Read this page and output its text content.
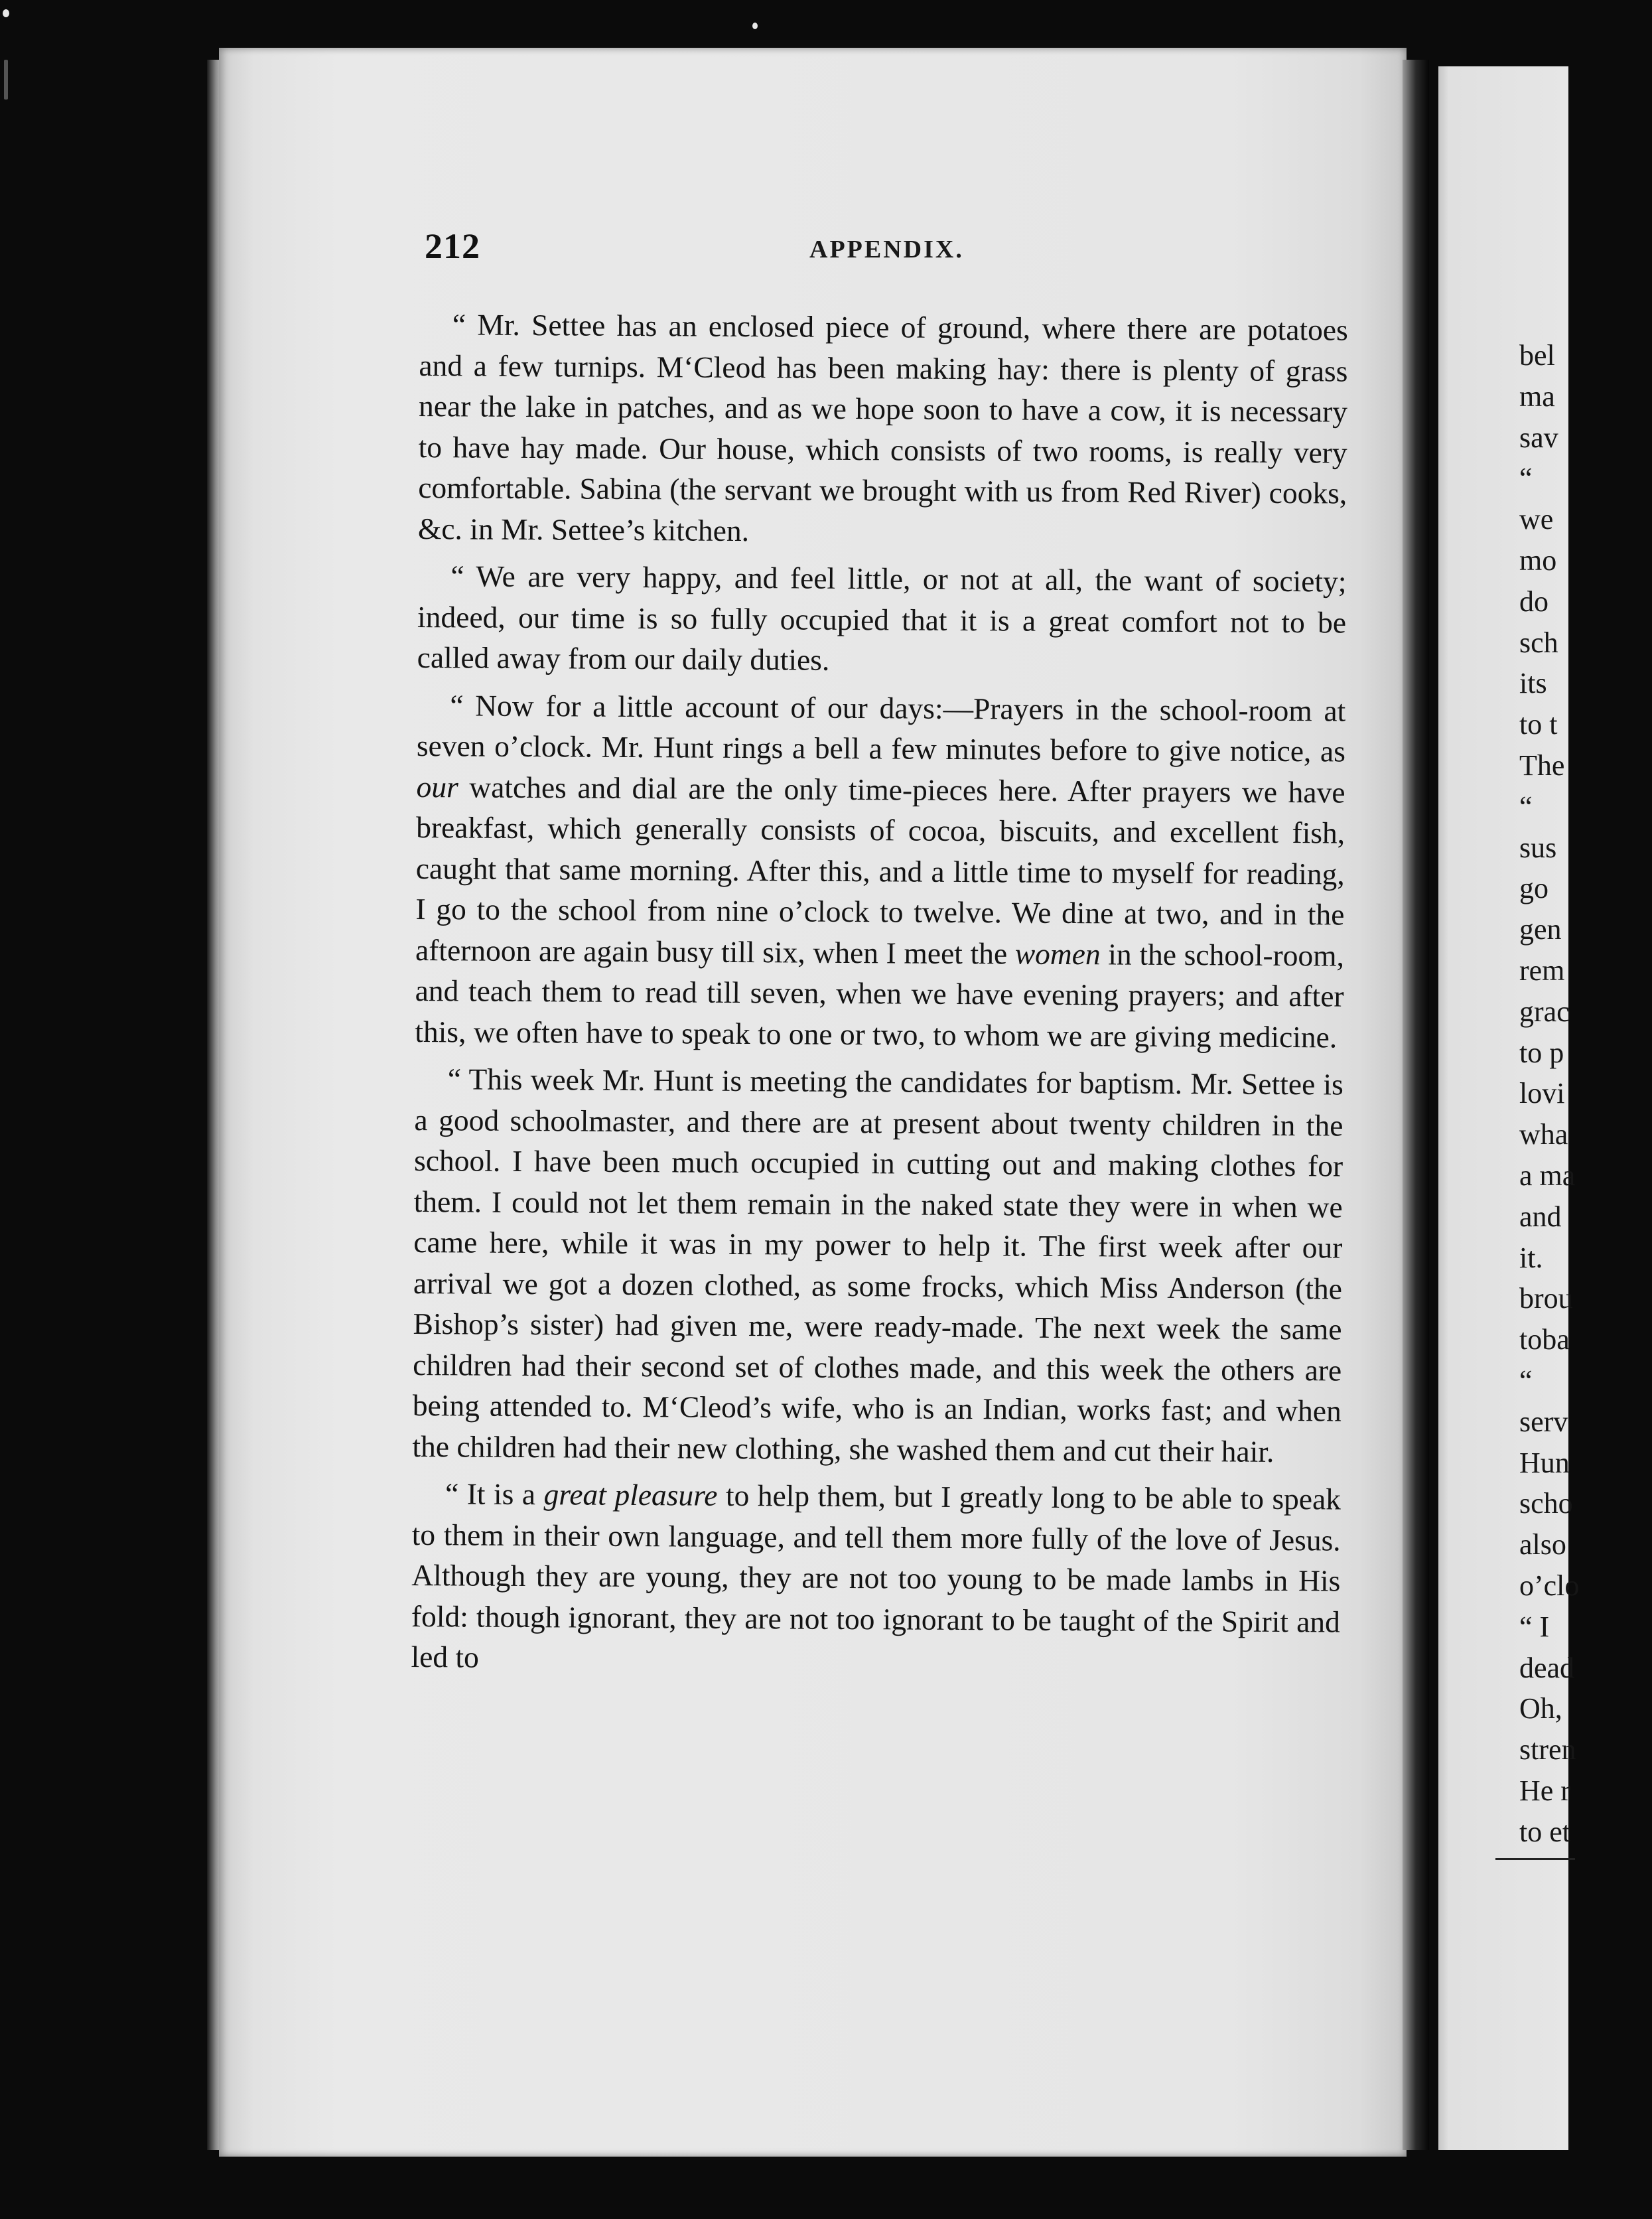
212	APPENDIX.

“ Mr. Settee has an enclosed piece of ground, where there are potatoes and a few turnips. M‘Cleod has been making hay: there is plenty of grass near the lake in patches, and as we hope soon to have a cow, it is necessary to have hay made. Our house, which consists of two rooms, is really very comfortable. Sabina (the servant we brought with us from Red River) cooks, &c. in Mr. Settee’s kitchen.

“ We are very happy, and feel little, or not at all, the want of society; indeed, our time is so fully occupied that it is a great comfort not to be called away from our daily duties.

“ Now for a little account of our days:—Prayers in the school-room at seven o’clock. Mr. Hunt rings a bell a few minutes before to give notice, as our watches and dial are the only time-pieces here. After prayers we have breakfast, which generally consists of cocoa, biscuits, and excellent fish, caught that same morning. After this, and a little time to myself for reading, I go to the school from nine o’clock to twelve. We dine at two, and in the afternoon are again busy till six, when I meet the women in the school-room, and teach them to read till seven, when we have evening prayers; and after this, we often have to speak to one or two, to whom we are giving medicine.

“ This week Mr. Hunt is meeting the candidates for baptism. Mr. Settee is a good schoolmaster, and there are at present about twenty children in the school. I have been much occupied in cutting out and making clothes for them. I could not let them remain in the naked state they were in when we came here, while it was in my power to help it. The first week after our arrival we got a dozen clothed, as some frocks, which Miss Anderson (the Bishop’s sister) had given me, were ready-made. The next week the same children had their second set of clothes made, and this week the others are being attended to. M‘Cleod’s wife, who is an Indian, works fast; and when the children had their new clothing, she washed them and cut their hair.

“ It is a great pleasure to help them, but I greatly long to be able to speak to them in their own language, and tell them more fully of the love of Jesus. Although they are young, they are not too young to be made lambs in His fold: though ignorant, they are not too ignorant to be taught of the Spirit and led to

bel
ma
sav
“
we
mo
do
sch
its
to t
The
“
sus
go
gen
rem
grac
to p
lovi
wha
a ma
and
it.
brou
toba
“
serv
Hun
scho
also
o’clo
“ I
dead
Oh,
stren
He r
to et
